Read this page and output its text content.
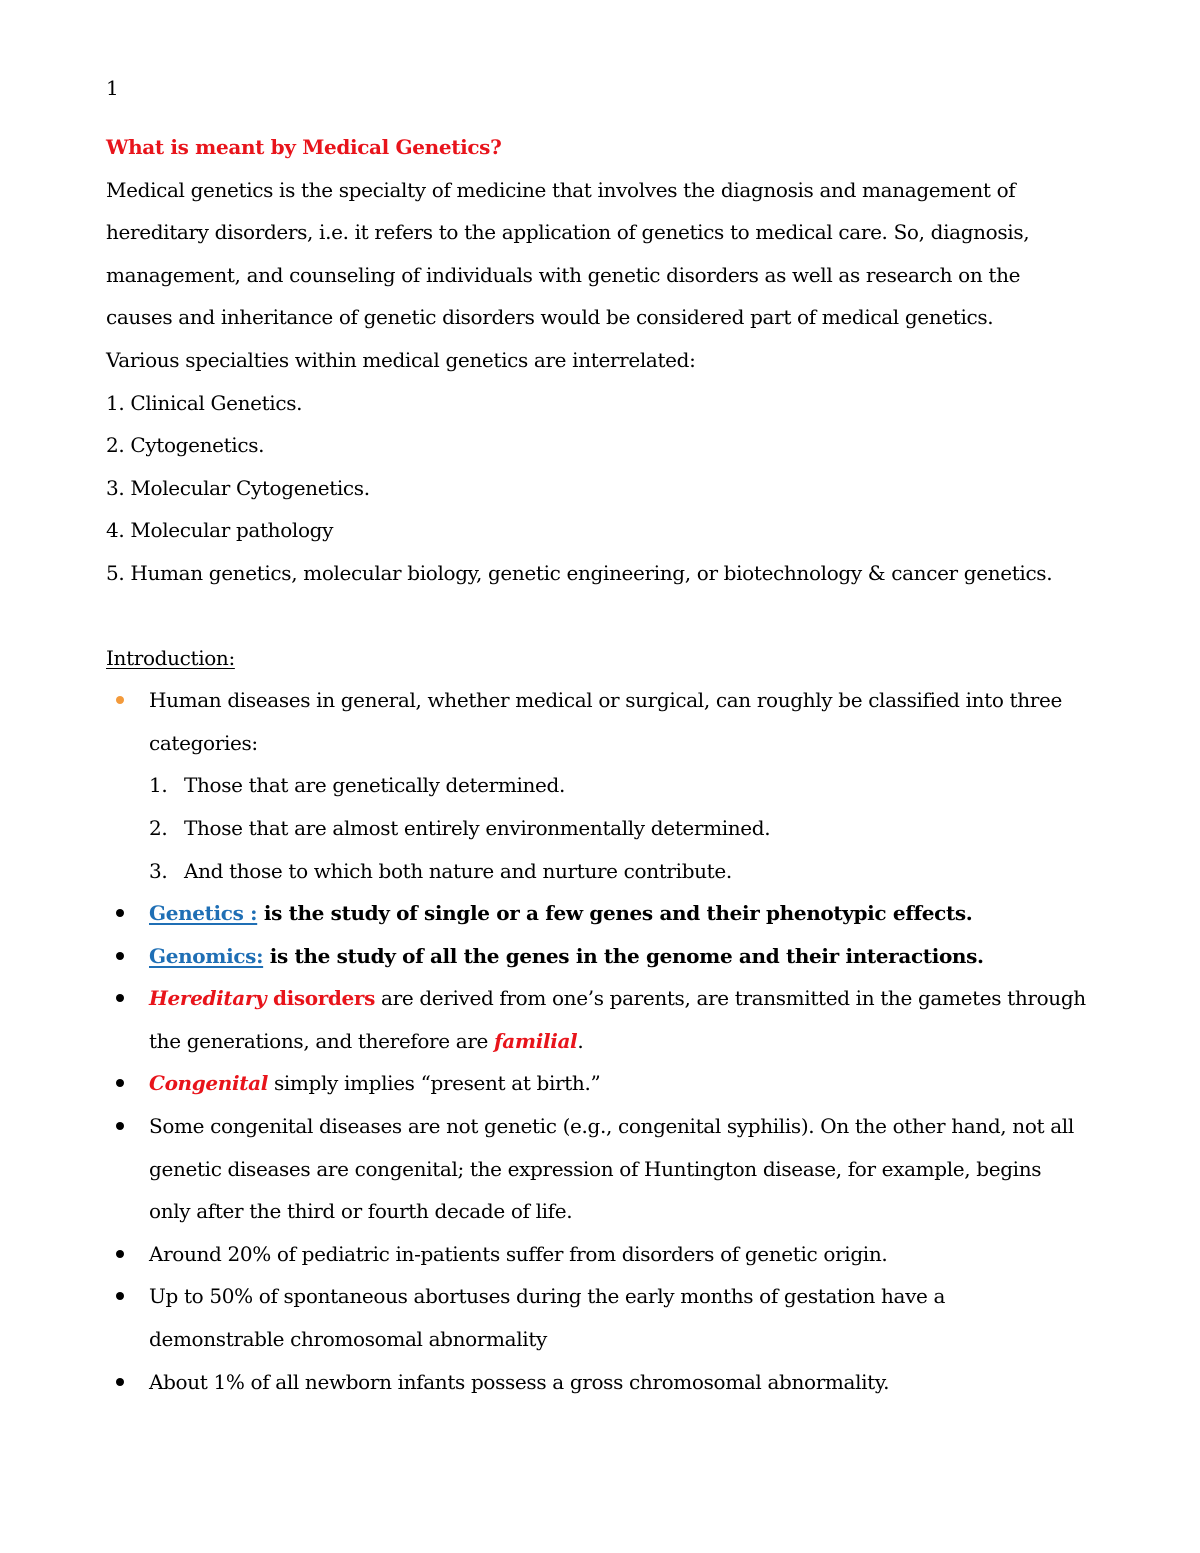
1

What is meant by Medical Genetics?

Medical genetics is the specialty of medicine that involves the diagnosis and management of

hereditary disorders, i.e. it refers to the application of genetics to medical care. So, diagnosis,

management, and counseling of individuals with genetic disorders as well as research on the

causes and inheritance of genetic disorders would be considered part of medical genetics.

Various specialties within medical genetics are interrelated:

1. Clinical Genetics.
2. Cytogenetics.
3. Molecular Cytogenetics.
4. Molecular pathology
5. Human genetics, molecular biology, genetic engineering, or biotechnology & cancer genetics.

Introduction:

Human diseases in general, whether medical or surgical, can roughly be classified into three

categories:

1. Those that are genetically determined.
2. Those that are almost entirely environmentally determined.
3. And those to which both nature and nurture contribute.

Genetics : is the study of single or a few genes and their phenotypic effects.

Genomics: is the study of all the genes in the genome and their interactions.

Hereditary disorders are derived from one’s parents, are transmitted in the gametes through

the generations, and therefore are familial.

Congenital simply implies “present at birth.”

Some congenital diseases are not genetic (e.g., congenital syphilis). On the other hand, not all

genetic diseases are congenital; the expression of Huntington disease, for example, begins

only after the third or fourth decade of life.

Around 20% of pediatric in-patients suffer from disorders of genetic origin.

Up to 50% of spontaneous abortuses during the early months of gestation have a

demonstrable chromosomal abnormality

About 1% of all newborn infants possess a gross chromosomal abnormality.
